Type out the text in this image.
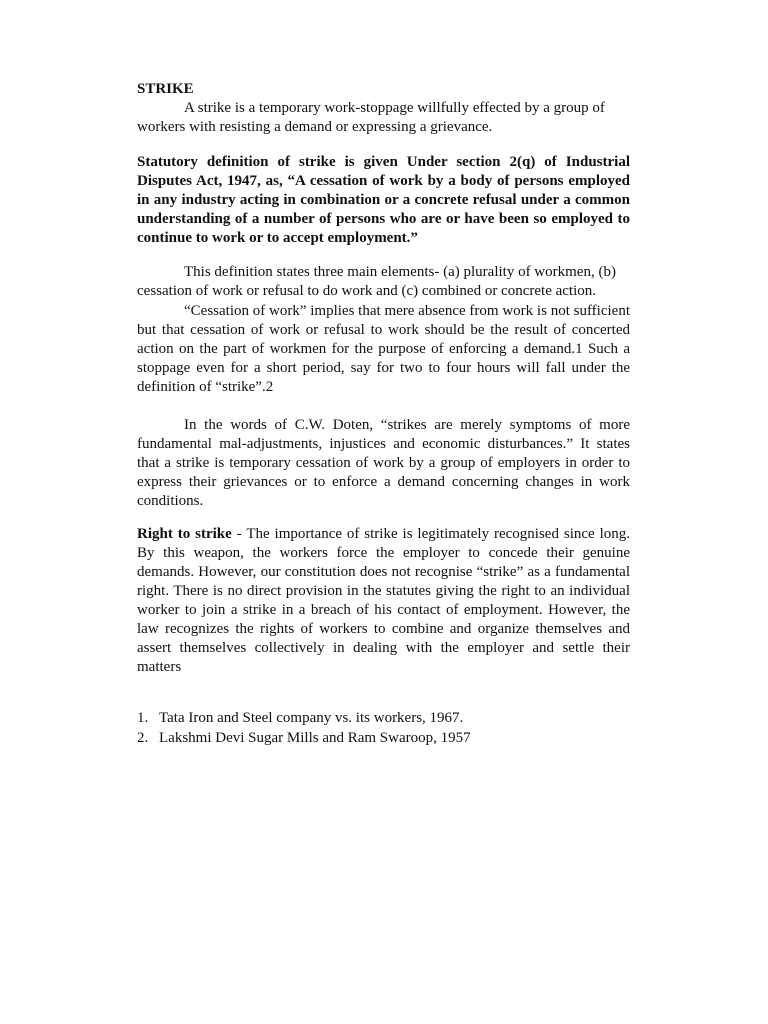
STRIKE

A strike is a temporary work-stoppage willfully effected by a group of workers with resisting a demand or expressing a grievance.

Statutory definition of strike is given Under section 2(q) of Industrial Disputes Act, 1947, as, “A cessation of work by a body of persons employed in any industry acting in combination or a concrete refusal under a common understanding of a number of persons who are or have been so employed to continue to work or to accept employment.”

This definition states three main elements- (a) plurality of workmen, (b) cessation of work or refusal to do work and (c) combined or concrete action.

“Cessation of work” implies that mere absence from work is not sufficient but that cessation of work or refusal to work should be the result of concerted action on the part of workmen for the purpose of enforcing a demand.1 Such a stoppage even for a short period, say for two to four hours will fall under the definition of “strike”.2

In the words of C.W. Doten, “strikes are merely symptoms of more fundamental mal-adjustments, injustices and economic disturbances.” It states that a strike is temporary cessation of work by a group of employers in order to express their grievances or to enforce a demand concerning changes in work conditions.

Right to strike - The importance of strike is legitimately recognised since long. By this weapon, the workers force the employer to concede their genuine demands. However, our constitution does not recognise “strike” as a fundamental right. There is no direct provision in the statutes giving the right to an individual worker to join a strike in a breach of his contact of employment. However, the law recognizes the rights of workers to combine and organize themselves and assert themselves collectively in dealing with the employer and settle their matters

1. Tata Iron and Steel company vs. its workers, 1967.
2. Lakshmi Devi Sugar Mills and Ram Swaroop, 1957
